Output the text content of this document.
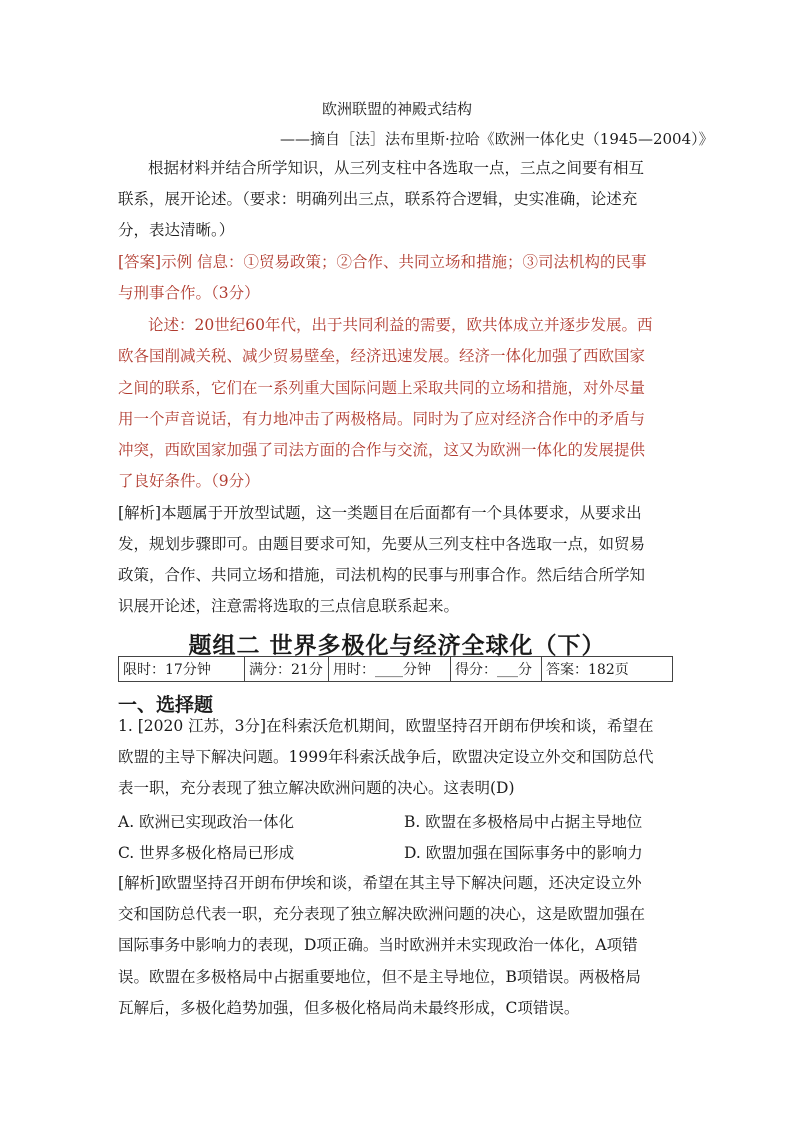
欧洲联盟的神殿式结构
——摘自［法］法布里斯·拉哈《欧洲一体化史（1945—2004）》
根据材料并结合所学知识，从三列支柱中各选取一点，三点之间要有相互
联系，展开论述。（要求：明确列出三点，联系符合逻辑，史实准确，论述充
分，表达清晰。）
[答案]示例 信息：①贸易政策；②合作、共同立场和措施；③司法机构的民事
与刑事合作。（3分）
论述：20世纪60年代，出于共同利益的需要，欧共体成立并逐步发展。西
欧各国削减关税、减少贸易壁垒，经济迅速发展。经济一体化加强了西欧国家
之间的联系，它们在一系列重大国际问题上采取共同的立场和措施，对外尽量
用一个声音说话，有力地冲击了两极格局。同时为了应对经济合作中的矛盾与
冲突，西欧国家加强了司法方面的合作与交流，这又为欧洲一体化的发展提供
了良好条件。（9分）
[解析]本题属于开放型试题，这一类题目在后面都有一个具体要求，从要求出
发，规划步骤即可。由题目要求可知，先要从三列支柱中各选取一点，如贸易
政策，合作、共同立场和措施，司法机构的民事与刑事合作。然后结合所学知
识展开论述，注意需将选取的三点信息联系起来。
题组二 世界多极化与经济全球化（下）
限时：17分钟	满分：21分	用时：____分钟	得分：___分	答案：182页
一、选择题
1. [2020 江苏，3分]在科索沃危机期间，欧盟坚持召开朗布伊埃和谈，希望在
欧盟的主导下解决问题。1999年科索沃战争后，欧盟决定设立外交和国防总代
表一职，充分表现了独立解决欧洲问题的决心。这表明(D)
A. 欧洲已实现政治一体化	B. 欧盟在多极格局中占据主导地位
C. 世界多极化格局已形成	D. 欧盟加强在国际事务中的影响力
[解析]欧盟坚持召开朗布伊埃和谈，希望在其主导下解决问题，还决定设立外
交和国防总代表一职，充分表现了独立解决欧洲问题的决心，这是欧盟加强在
国际事务中影响力的表现，D项正确。当时欧洲并未实现政治一体化，A项错
误。欧盟在多极格局中占据重要地位，但不是主导地位，B项错误。两极格局
瓦解后，多极化趋势加强，但多极化格局尚未最终形成，C项错误。
